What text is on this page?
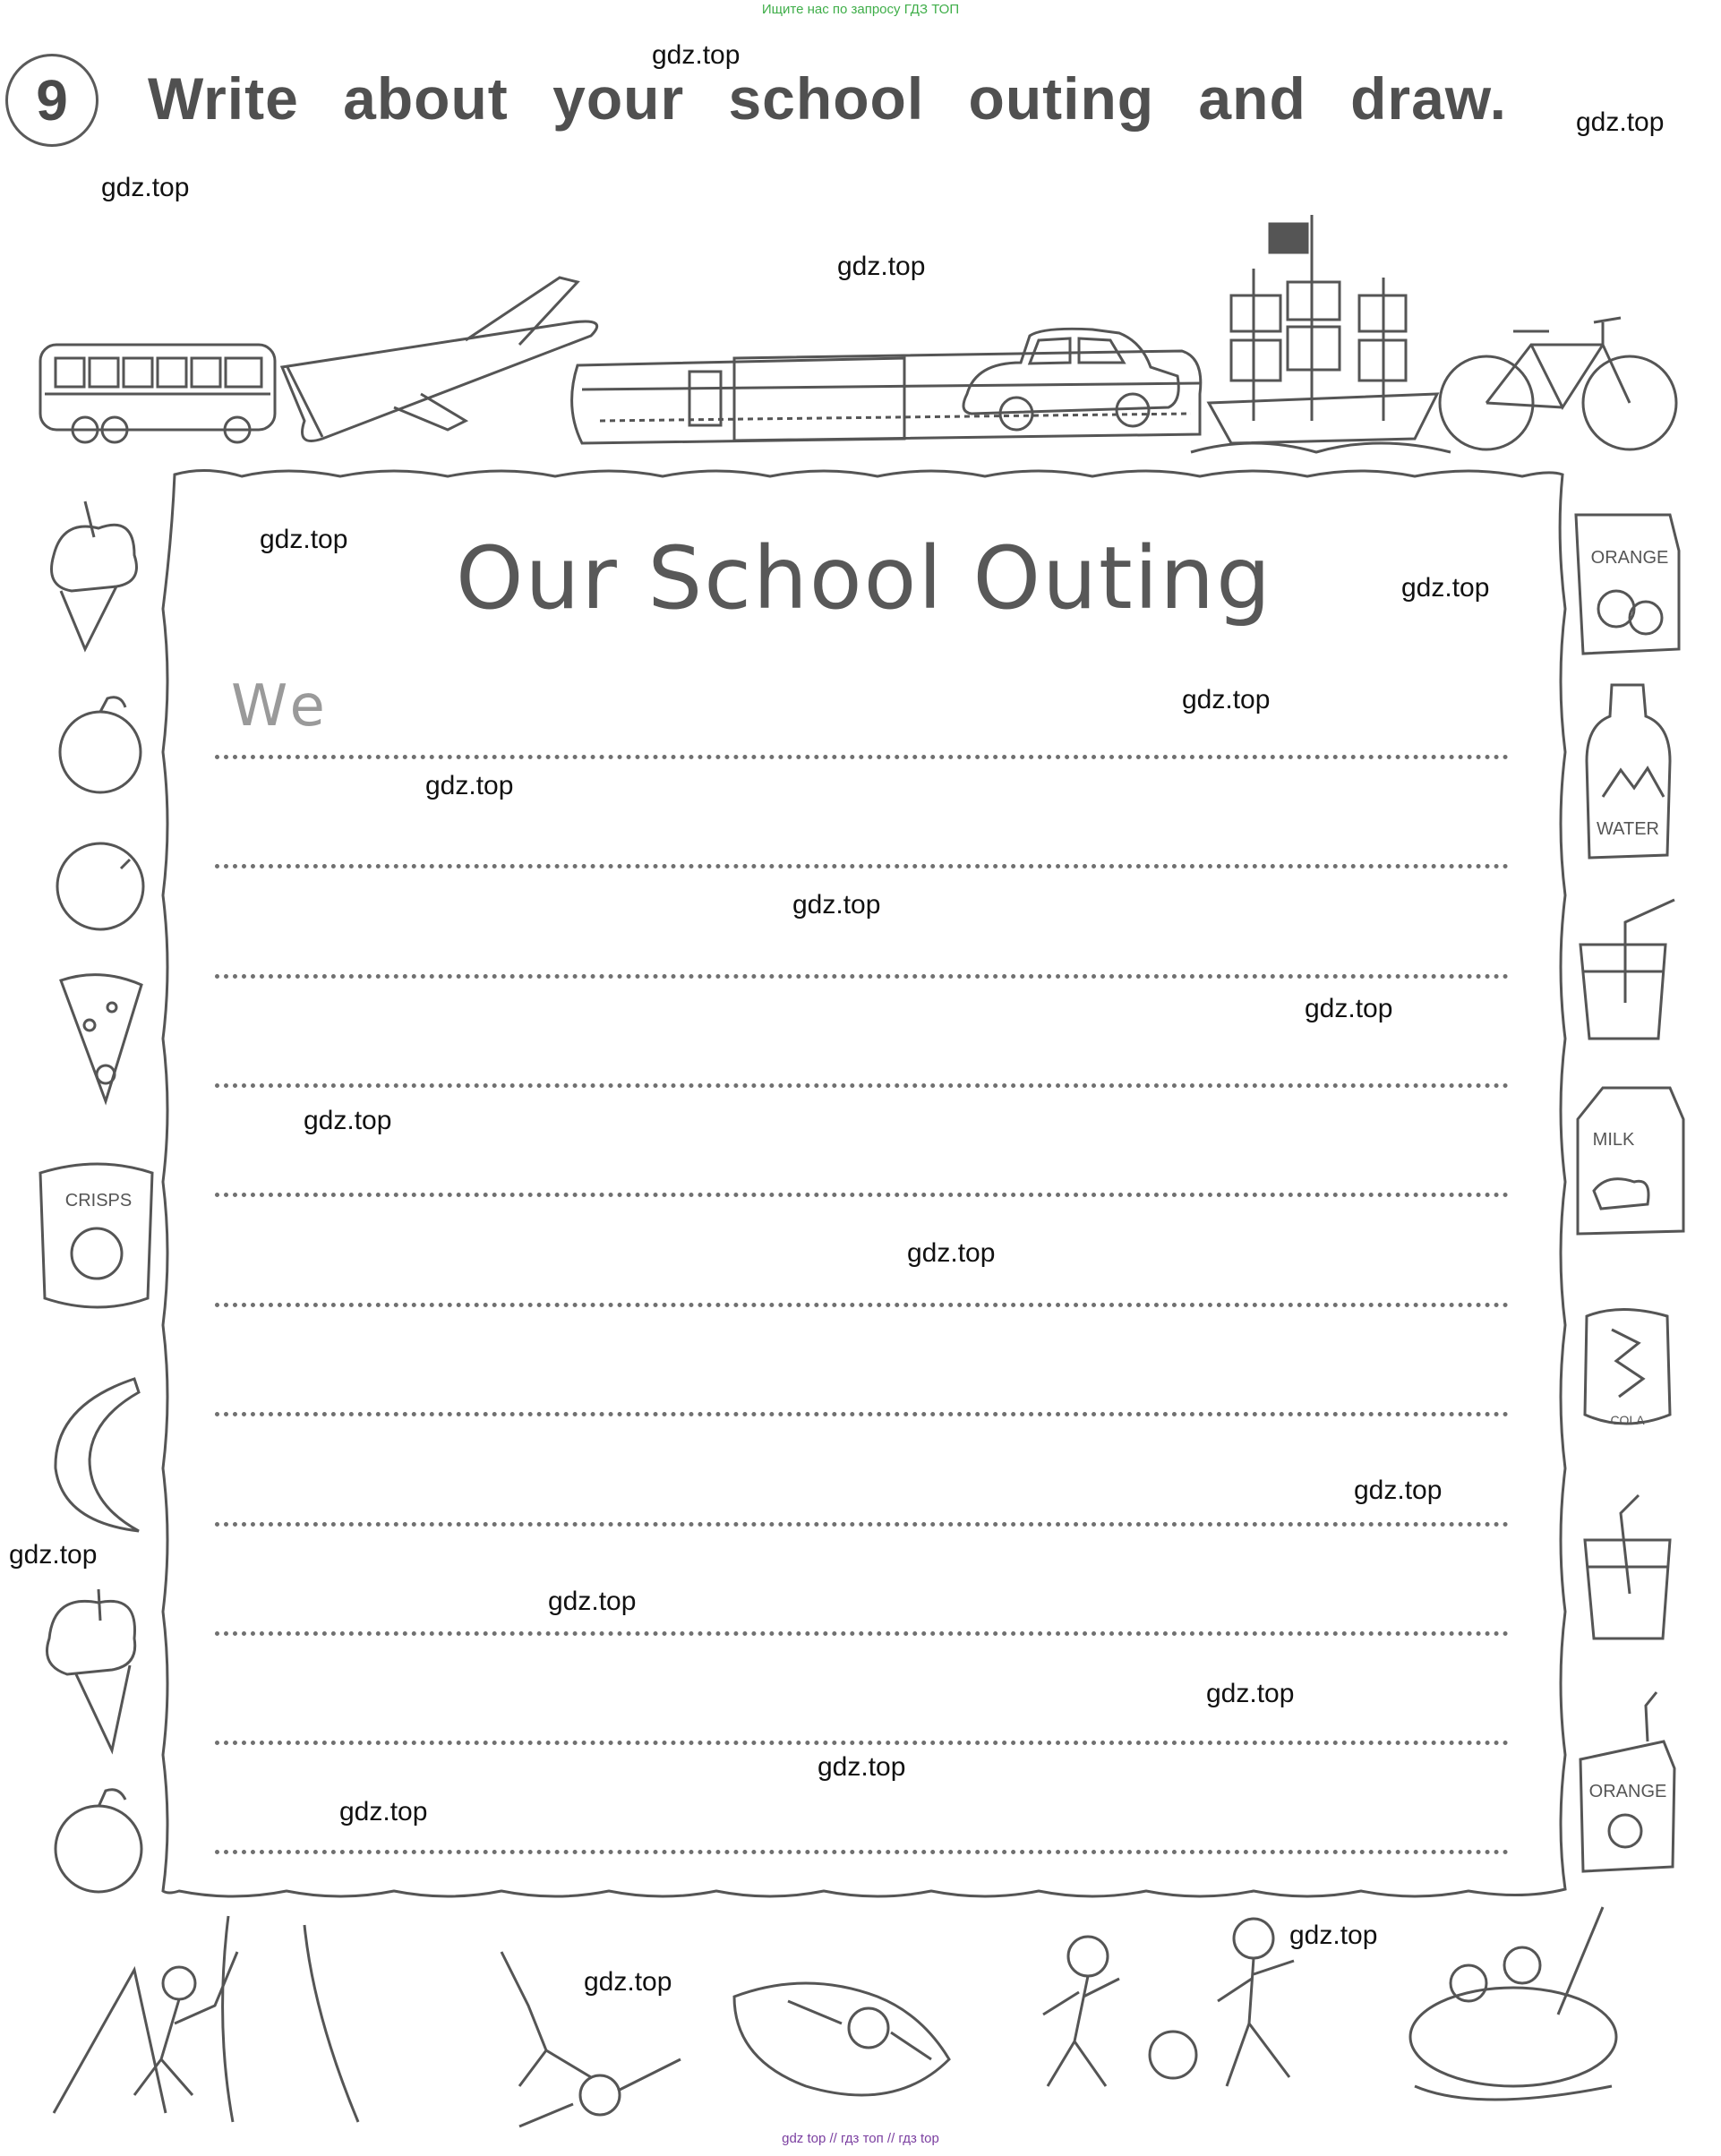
Ищите нас по запросу ГДЗ ТОП
9 Write about your school outing and draw.
ORANGE
WATER
MILK
CRISPS
COLA
ORANGE
Our School Outing
We
gdz.top
gdz.top
gdz.top
gdz.top
gdz.top
gdz.top
gdz.top
gdz.top
gdz.top
gdz.top
gdz.top
gdz.top
gdz.top
gdz.top
gdz.top
gdz.top
gdz.top
gdz.top
gdz.top
gdz.top
gdz top // гдз топ // гдз top
